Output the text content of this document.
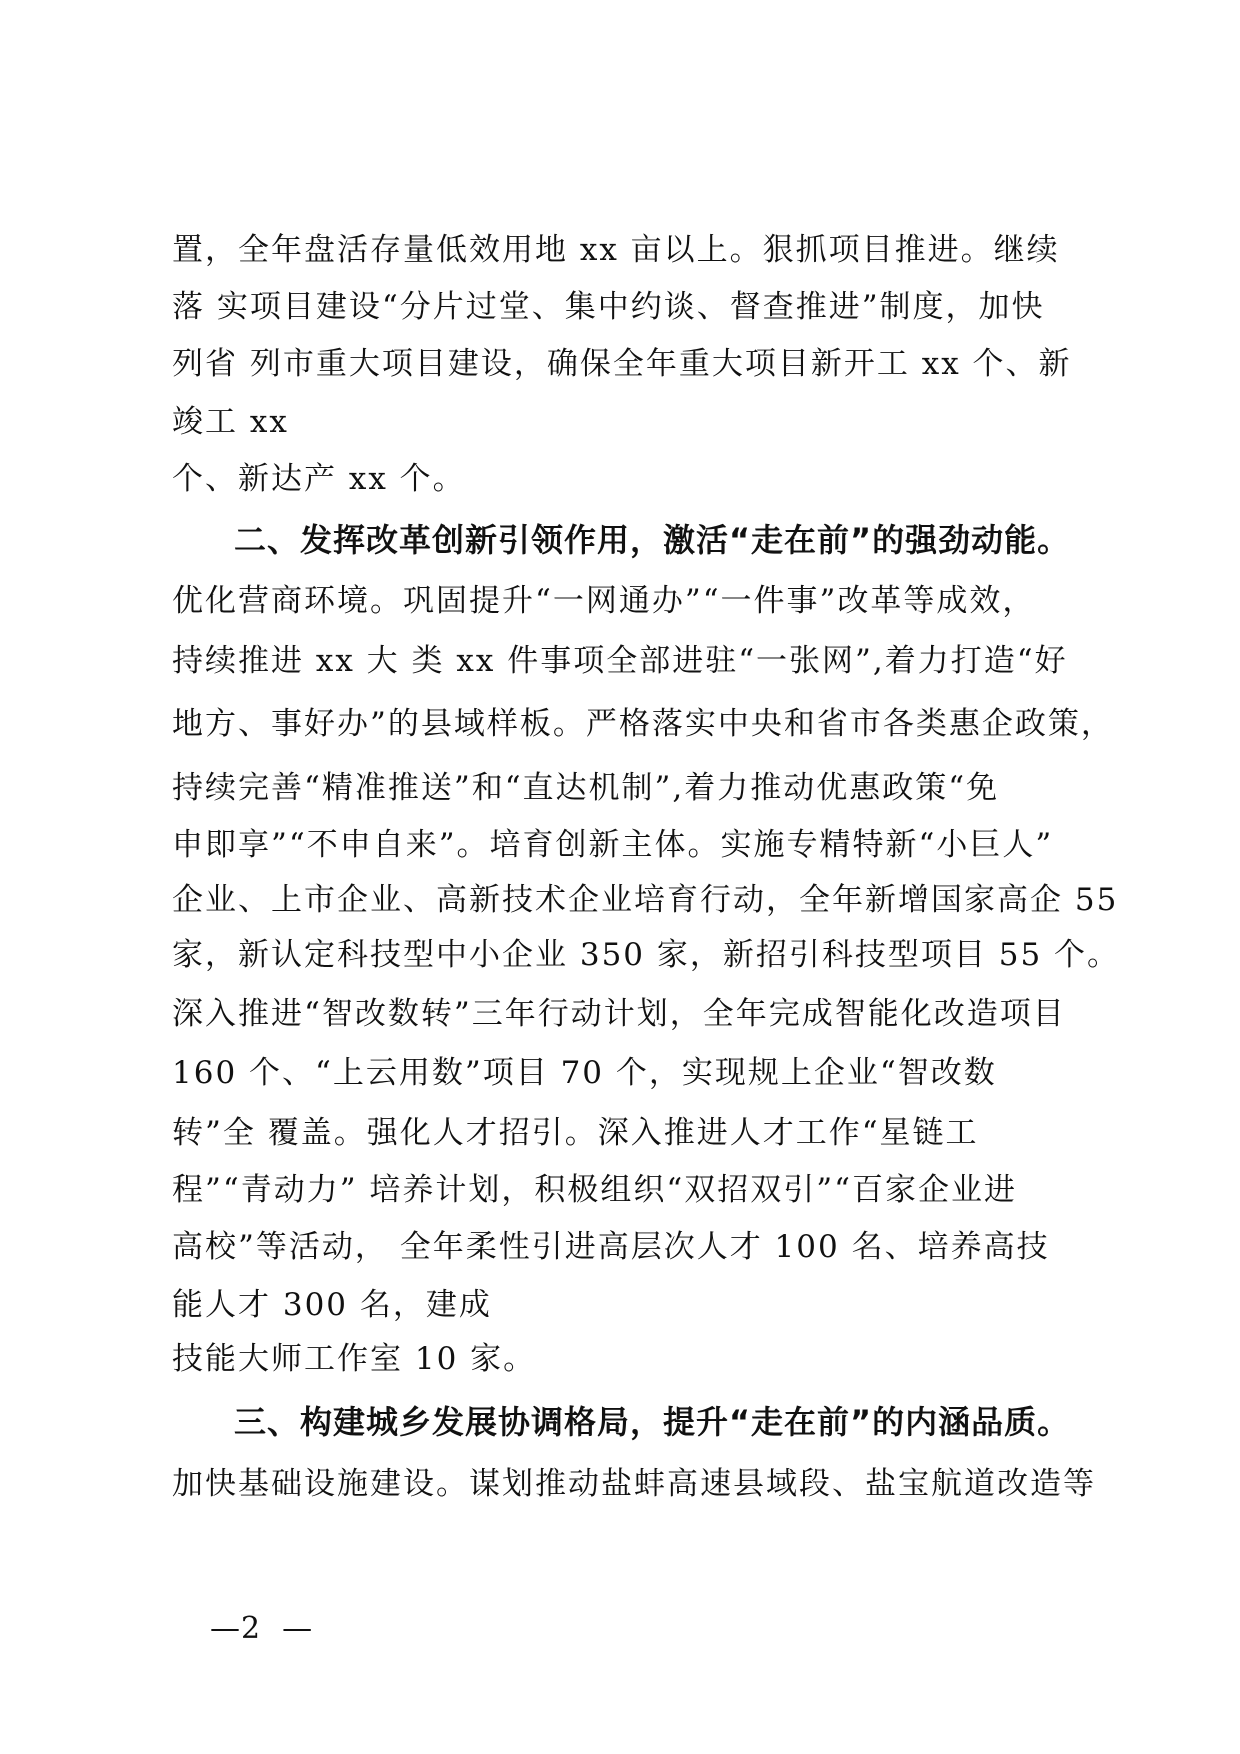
置，全年盘活存量低效用地 xx 亩以上。狠抓项目推进。继续
落 实项目建设“分片过堂、集中约谈、督查推进”制度，加快
列省 列市重大项目建设，确保全年重大项目新开工 xx 个、新
竣工 xx
个、新达产 xx 个。
二、发挥改革创新引领作用，激活“走在前”的强劲动能。
优化营商环境。巩固提升“一网通办”“一件事”改革等成效，
持续推进 xx 大 类 xx 件事项全部进驻“一张网”,着力打造“好
地方、事好办”的县域样板。严格落实中央和省市各类惠企政策，
持续完善“精准推送”和“直达机制”,着力推动优惠政策“免
申即享”“不申自来”。培育创新主体。实施专精特新“小巨人”
企业、上市企业、高新技术企业培育行动，全年新增国家高企 55
家，新认定科技型中小企业 350 家，新招引科技型项目 55 个。
深入推进“智改数转”三年行动计划，全年完成智能化改造项目
160 个、“上云用数”项目 70 个，实现规上企业“智改数
转”全 覆盖。强化人才招引。深入推进人才工作“星链工
程”“青动力” 培养计划，积极组织“双招双引”“百家企业进
高校”等活动， 全年柔性引进高层次人才 100 名、培养高技
能人才 300 名，建成
技能大师工作室 10 家。
三、构建城乡发展协调格局，提升“走在前”的内涵品质。
加快基础设施建设。谋划推动盐蚌高速县域段、盐宝航道改造等
—2  —
